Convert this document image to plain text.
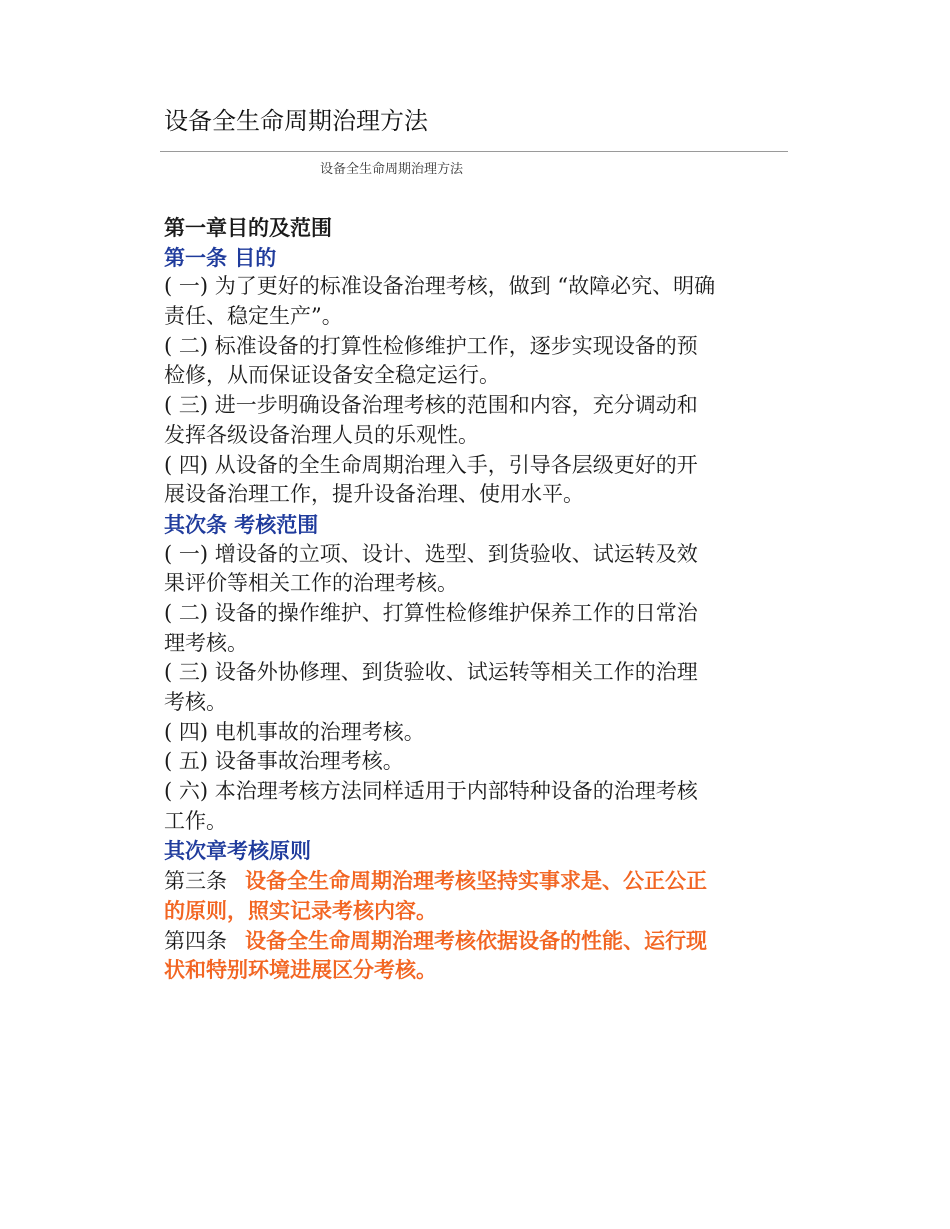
设备全生命周期治理方法
设备全生命周期治理方法
第一章目的及范围
第一条 目的
( 一) 为了更好的标准设备治理考核，做到 “故障必究、明确
责任、稳定生产”。
( 二) 标准设备的打算性检修维护工作，逐步实现设备的预
检修，从而保证设备安全稳定运行。
( 三) 进一步明确设备治理考核的范围和内容，充分调动和
发挥各级设备治理人员的乐观性。
( 四) 从设备的全生命周期治理入手，引导各层级更好的开
展设备治理工作，提升设备治理、使用水平。
其次条 考核范围
( 一) 增设备的立项、设计、选型、到货验收、试运转及效
果评价等相关工作的治理考核。
( 二) 设备的操作维护、打算性检修维护保养工作的日常治
理考核。
( 三) 设备外协修理、到货验收、试运转等相关工作的治理
考核。
( 四) 电机事故的治理考核。
( 五) 设备事故治理考核。
( 六) 本治理考核方法同样适用于内部特种设备的治理考核
工作。
其次章考核原则
第三条 设备全生命周期治理考核坚持实事求是、公正公正
的原则，照实记录考核内容。
第四条 设备全生命周期治理考核依据设备的性能、运行现
状和特别环境进展区分考核。
